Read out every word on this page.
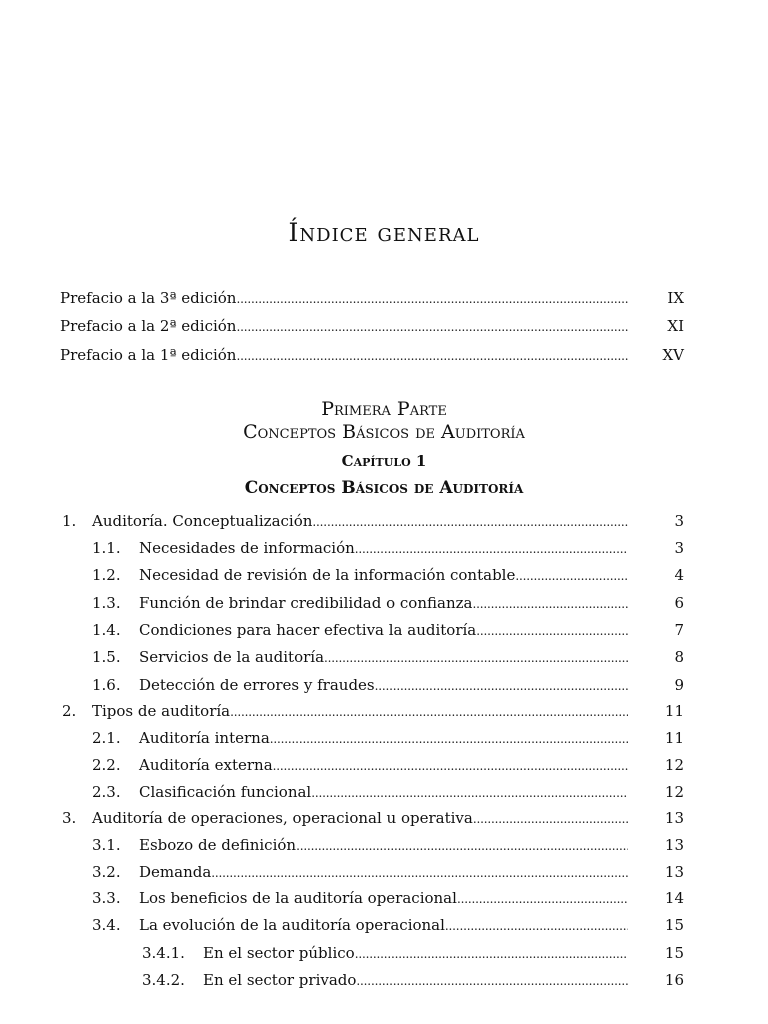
Índice general
Prefacio a la 3ª edición . . .	IX
Prefacio a la 2ª edición . . .	XI
Prefacio a la 1ª edición . . .	XV
Primera Parte
Conceptos Básicos de Auditoría
Capítulo 1
Conceptos Básicos de Auditoría
1.	Auditoría. Conceptualización . . .	3
1.1.	Necesidades de información . . .	3
1.2.	Necesidad de revisión de la información contable . . .	4
1.3.	Función de brindar credibilidad o confianza . . .	6
1.4.	Condiciones para hacer efectiva la auditoría . . .	7
1.5.	Servicios de la auditoría . . .	8
1.6.	Detección de errores y fraudes . . .	9
2.	Tipos de auditoría . . .	11
2.1.	Auditoría interna . . .	11
2.2.	Auditoría externa . . .	12
2.3.	Clasificación funcional . . .	12
3.	Auditoría de operaciones, operacional u operativa . . .	13
3.1.	Esbozo de definición . . .	13
3.2.	Demanda . . .	13
3.3.	Los beneficios de la auditoría operacional . . .	14
3.4.	La evolución de la auditoría operacional . . .	15
3.4.1.	En el sector público . . .	15
3.4.2.	En el sector privado . . .	16
